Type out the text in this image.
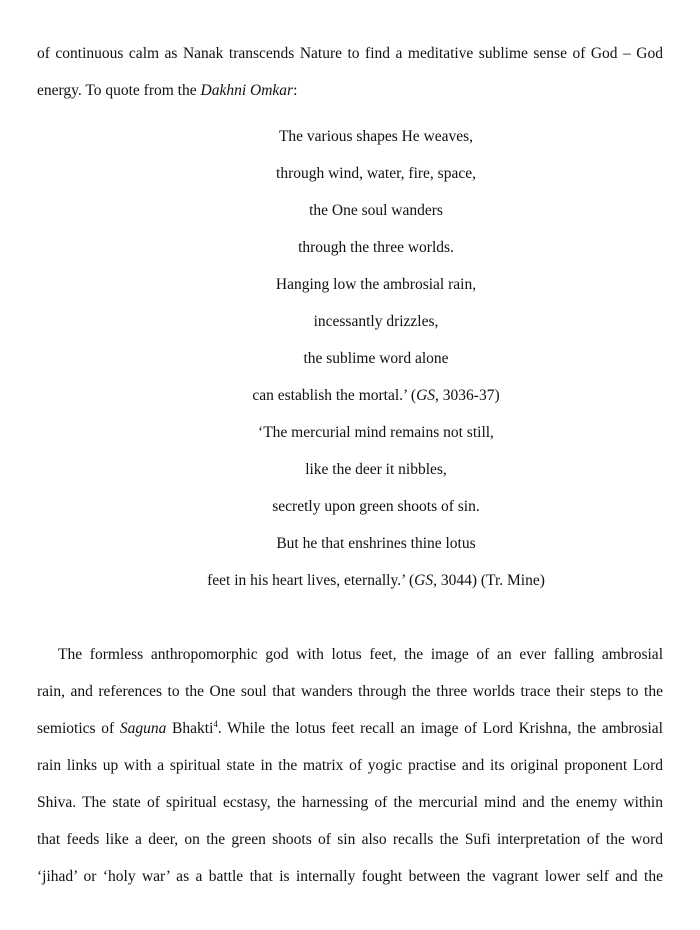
of continuous calm as Nanak transcends Nature to find a meditative sublime sense of God – God
energy. To quote from the Dakhni Omkar:
The various shapes He weaves,
through wind, water, fire, space,
the One soul wanders
through the three worlds.
Hanging low the ambrosial rain,
incessantly drizzles,
the sublime word alone
can establish the mortal.’ (GS, 3036-37)
‘The mercurial mind remains not still,
like the deer it nibbles,
secretly upon green shoots of sin.
But he that enshrines thine lotus
feet in his heart lives, eternally.’ (GS, 3044) (Tr. Mine)
The formless anthropomorphic god with lotus feet, the image of an ever falling ambrosial
rain, and references to the One soul that wanders through the three worlds trace their steps to the
semiotics of Saguna Bhakti$^4$. While the lotus feet recall an image of Lord Krishna, the ambrosial
rain links up with a spiritual state in the matrix of yogic practise and its original proponent Lord
Shiva. The state of spiritual ecstasy, the harnessing of the mercurial mind and the enemy within
that feeds like a deer, on the green shoots of sin also recalls the Sufi interpretation of the word
‘jihad’ or ‘holy war’ as a battle that is internally fought between the vagrant lower self and the
